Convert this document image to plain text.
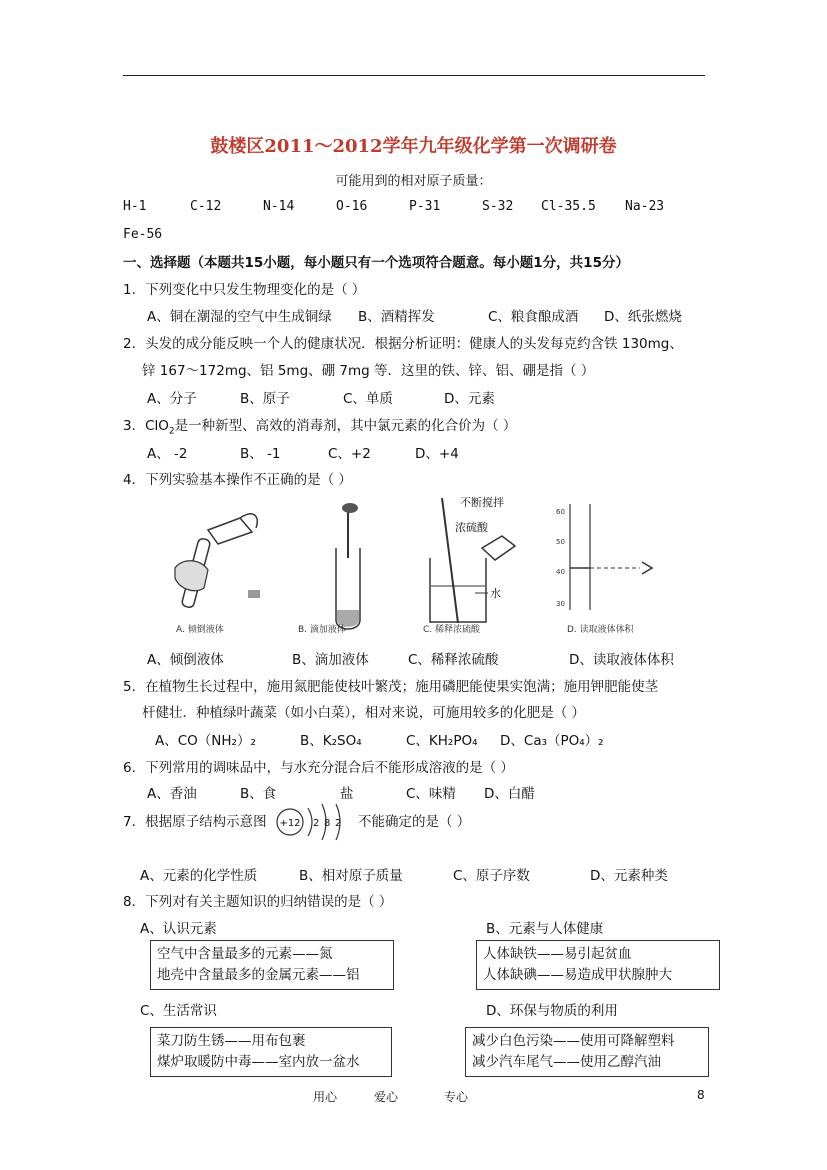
鼓楼区2011～2012学年九年级化学第一次调研卷
可能用到的相对原子质量：
H-1	C-12	N-14	O-16	P-31	S-32 Cl-35.5 Na-23
Fe-56
一、选择题（本题共15小题，每小题只有一个选项符合题意。每小题1分，共15分）
1．下列变化中只发生物理变化的是（ ）
A、铜在潮湿的空气中生成铜绿 B、酒精挥发	C、粮食酿成酒 D、纸张燃烧
2．头发的成分能反映一个人的健康状况．根据分析证明：健康人的头发每克约含铁 130mg、
锌 167～172mg、铝 5mg、硼 7mg 等．这里的铁、锌、铝、硼是指（ ）
A、分子	B、原子	C、单质	D、元素
3．ClO$_2$是一种新型、高效的消毒剂，其中氯元素的化合价为（ ）
A、 -2	B、 -1	C、+2	D、+4
4．下列实验基本操作不正确的是（ ）
不断搅拌
浓硫酸
水
60
50
40
30
A. 倾倒液体	B. 滴加液体	C. 稀释浓硫酸	D. 读取液体体积
A、倾倒液体	B、滴加液体	C、稀释浓硫酸	D、读取液体体积
5．在植物生长过程中，施用氮肥能使枝叶繁茂；施用磷肥能使果实饱满；施用钾肥能使茎
杆健壮．种植绿叶蔬菜（如小白菜），相对来说，可施用较多的化肥是（ ）
A、CO（NH₂）₂	B、K₂SO₄	C、KH₂PO₄ D、Ca₃（PO₄）₂
6．下列常用的调味品中，与水充分混合后不能形成溶液的是（ ）
A、香油	B、食	盐	C、味精 D、白醋
7．根据原子结构示意图 +12 2 8 2 不能确定的是（ ）
A、元素的化学性质	B、相对原子质量	C、原子序数	D、元素种类
8．下列对有关主题知识的归纳错误的是（ ）
A、认识元素
空气中含量最多的元素——氮
地壳中含量最多的金属元素——铝
B、元素与人体健康
人体缺铁——易引起贫血
人体缺碘——易造成甲状腺肿大
C、生活常识
菜刀防生锈——用布包裹
煤炉取暖防中毒——室内放一盆水
D、环保与物质的利用
减少白色污染——使用可降解塑料
减少汽车尾气——使用乙醇汽油
用心	爱心	专心	8
